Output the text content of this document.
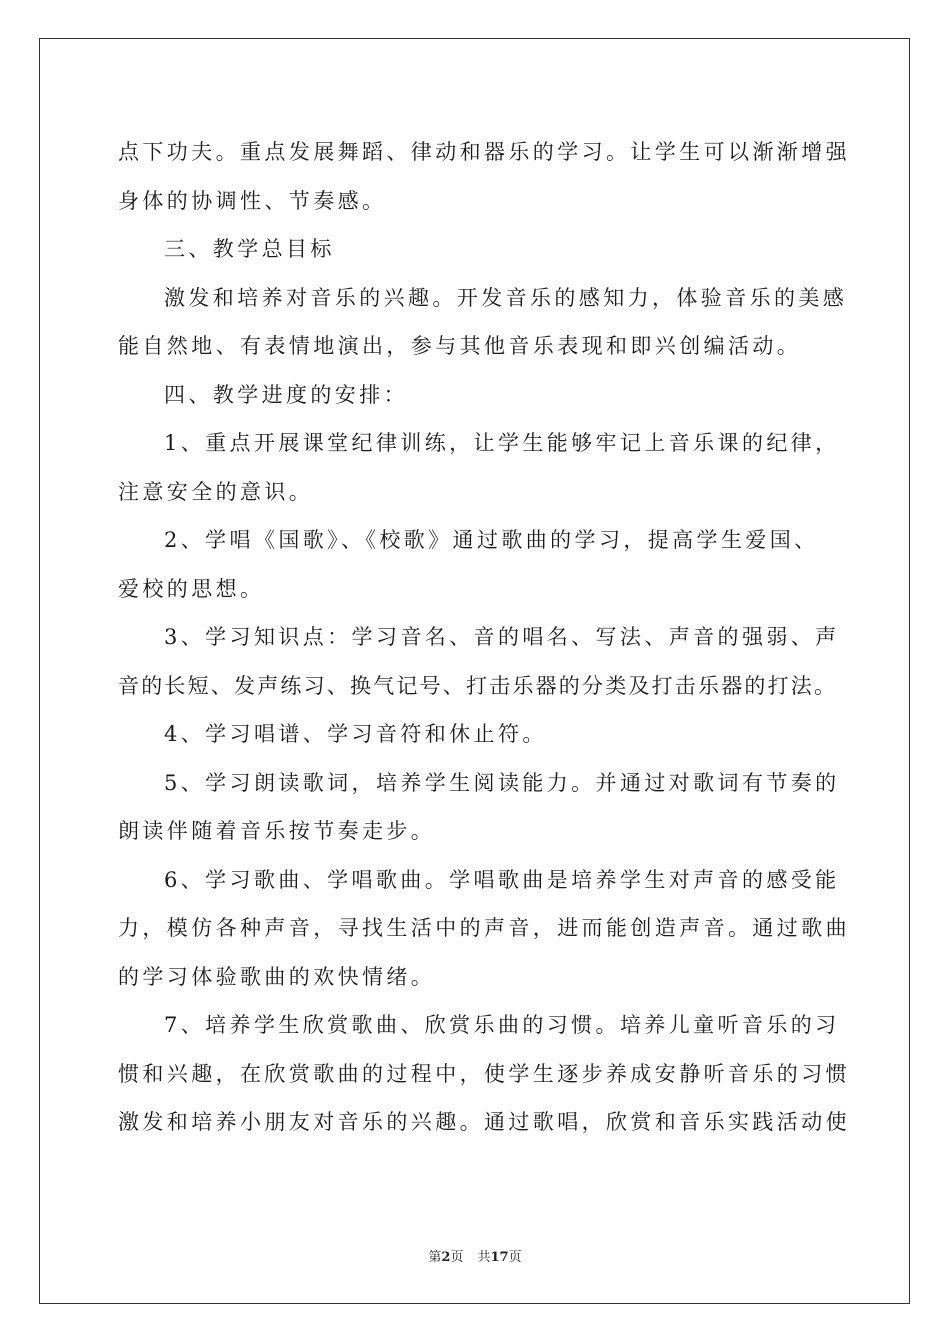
点下功夫。重点发展舞蹈、律动和器乐的学习。让学生可以渐渐增强
身体的协调性、节奏感。
三、教学总目标
激发和培养对音乐的兴趣。开发音乐的感知力，体验音乐的美感
能自然地、有表情地演出，参与其他音乐表现和即兴创编活动。
四、教学进度的安排：
1、重点开展课堂纪律训练，让学生能够牢记上音乐课的纪律，
注意安全的意识。
2、学唱《国歌》、《校歌》通过歌曲的学习，提高学生爱国、
爱校的思想。
3、学习知识点：学习音名、音的唱名、写法、声音的强弱、声
音的长短、发声练习、换气记号、打击乐器的分类及打击乐器的打法。
4、学习唱谱、学习音符和休止符。
5、学习朗读歌词，培养学生阅读能力。并通过对歌词有节奏的
朗读伴随着音乐按节奏走步。
6、学习歌曲、学唱歌曲。学唱歌曲是培养学生对声音的感受能
力，模仿各种声音，寻找生活中的声音，进而能创造声音。通过歌曲
的学习体验歌曲的欢快情绪。
7、培养学生欣赏歌曲、欣赏乐曲的习惯。培养儿童听音乐的习
惯和兴趣，在欣赏歌曲的过程中，使学生逐步养成安静听音乐的习惯
激发和培养小朋友对音乐的兴趣。通过歌唱，欣赏和音乐实践活动使
第2页 共17页
